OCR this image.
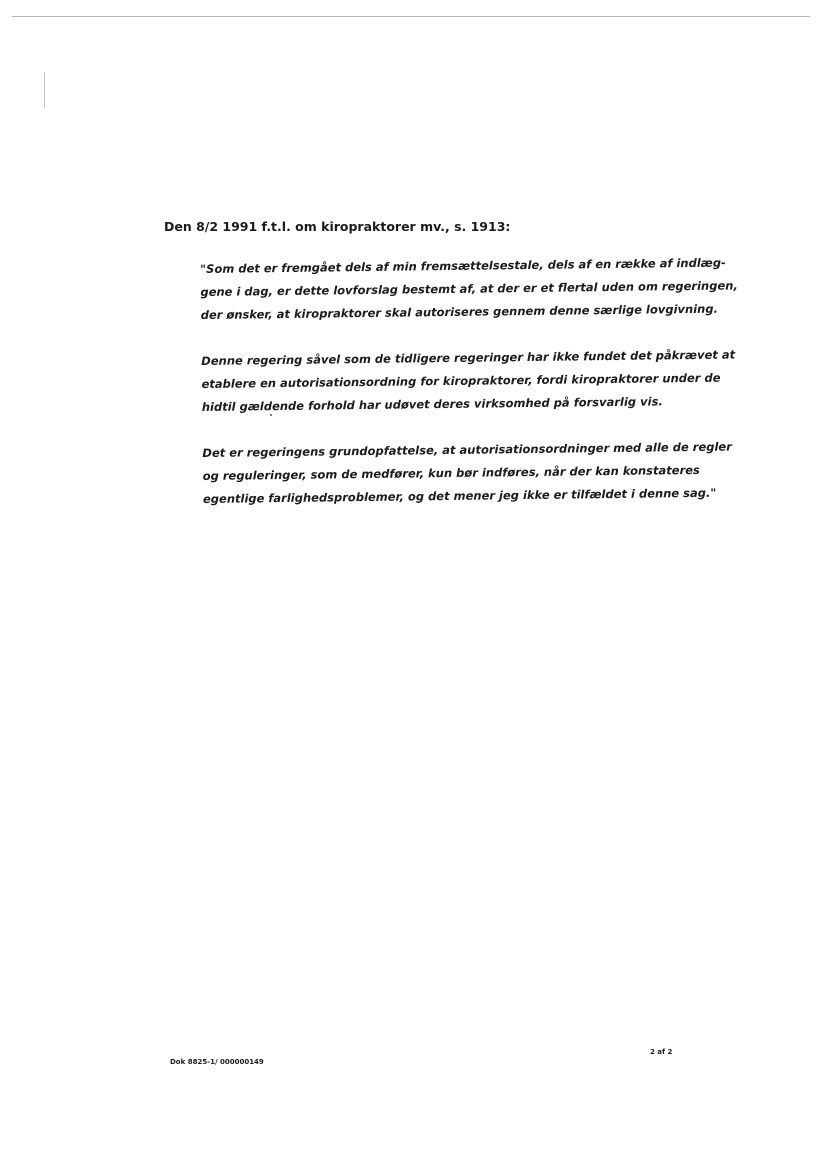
Den 8/2 1991 f.t.l. om kiropraktorer mv., s. 1913:

"Som det er fremgået dels af min fremsættelsestale, dels af en række af indlæg-
gene i dag, er dette lovforslag bestemt af, at der er et flertal uden om regeringen,
der ønsker, at kiropraktorer skal autoriseres gennem denne særlige lovgivning.

Denne regering såvel som de tidligere regeringer har ikke fundet det påkrævet at
etablere en autorisationsordning for kiropraktorer, fordi kiropraktorer under de
hidtil gældende forhold har udøvet deres virksomhed på forsvarlig vis.

Det er regeringens grundopfattelse, at autorisationsordninger med alle de regler
og reguleringer, som de medfører, kun bør indføres, når der kan konstateres
egentlige farlighedsproblemer, og det mener jeg ikke er tilfældet i denne sag."

Dok 8825-1/ 000000149
2 af 2
